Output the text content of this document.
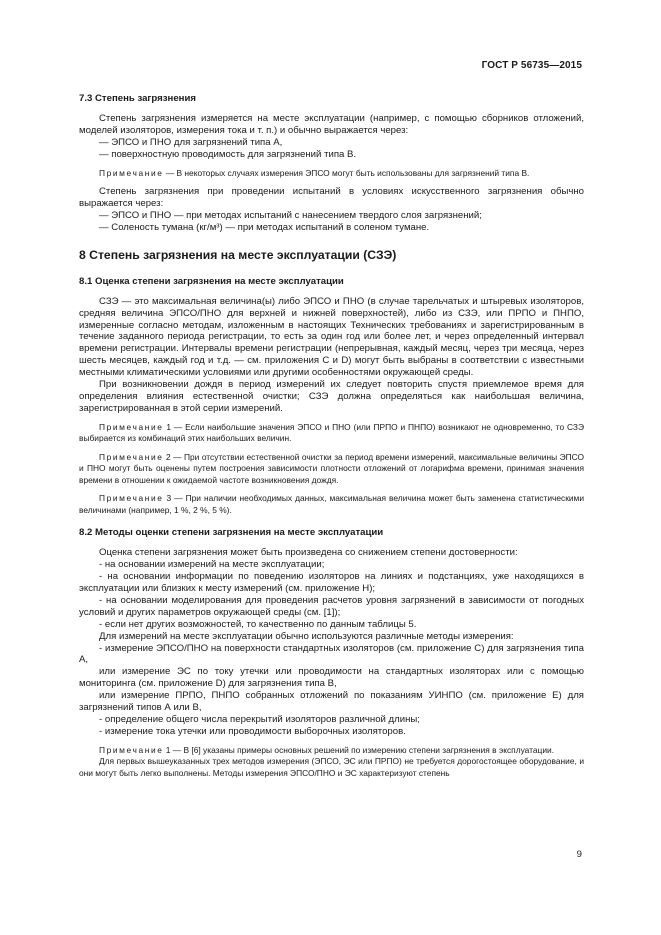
ГОСТ Р 56735—2015
7.3 Степень загрязнения

Степень загрязнения измеряется на месте эксплуатации (например, с помощью сборников отложений, моделей изоляторов, измерения тока и т. п.) и обычно выражается через:

— ЭПСО и ПНО для загрязнений типа А,

— поверхностную проводимость для загрязнений типа В.

Примечание — В некоторых случаях измерения ЭПСО могут быть использованы для загрязнений типа В.

Степень загрязнения при проведении испытаний в условиях искусственного загрязнения обычно выражается через:

— ЭПСО и ПНО — при методах испытаний с нанесением твердого слоя загрязнений;

— Соленость тумана (кг/м³) — при методах испытаний в соленом тумане.

8 Степень загрязнения на месте эксплуатации (СЗЭ)
8.1 Оценка степени загрязнения на месте эксплуатации

СЗЭ — это максимальная величина(ы) либо ЭПСО и ПНО (в случае тарельчатых и штыревых изоляторов, средняя величина ЭПСО/ПНО для верхней и нижней поверхностей), либо из СЗЭ, или ПРПО и ПНПО, измеренные согласно методам, изложенным в настоящих Технических требованиях и зарегистрированным в течение заданного периода регистрации, то есть за один год или более лет, и через определенный интервал времени регистрации. Интервалы времени регистрации (непрерывная, каждый месяц, через три месяца, через шесть месяцев, каждый год и т.д. — см. приложения С и D) могут быть выбраны в соответствии с известными местными климатическими условиями или другими особенностями окружающей среды.

При возникновении дождя в период измерений их следует повторить спустя приемлемое время для определения влияния естественной очистки; СЗЭ должна определяться как наибольшая величина, зарегистрированная в этой серии измерений.

Примечание 1 — Если наибольшие значения ЭПСО и ПНО (или ПРПО и ПНПО) возникают не одновременно, то СЗЭ выбирается из комбинаций этих наибольших величин.

Примечание 2 — При отсутствии естественной очистки за период времени измерений, максимальные величины ЭПСО и ПНО могут быть оценены путем построения зависимости плотности отложений от логарифма времени, принимая значения времени в отношении к ожидаемой частоте возникновения дождя.

Примечание 3 — При наличии необходимых данных, максимальная величина может быть заменена статистическими величинами (например, 1 %, 2 %, 5 %).

8.2 Методы оценки степени загрязнения на месте эксплуатации

Оценка степени загрязнения может быть произведена со снижением степени достоверности:

- на основании измерений на месте эксплуатации;

- на основании информации по поведению изоляторов на линиях и подстанциях, уже находящихся в эксплуатации или близких к месту измерений (см. приложение Н);

- на основании моделирования для проведения расчетов уровня загрязнений в зависимости от погодных условий и других параметров окружающей среды (см. [1]);

- если нет других возможностей, то качественно по данным таблицы 5.

Для измерений на месте эксплуатации обычно используются различные методы измерения:

- измерение ЭПСО/ПНО на поверхности стандартных изоляторов (см. приложение С) для загрязнения типа А,

или измерение ЭС по току утечки или проводимости на стандартных изоляторах или с помощью мониторинга (см. приложение D) для загрязнения типа В,

или измерение ПРПО, ПНПО собранных отложений по показаниям УИНПО (см. приложение Е) для загрязнений типов А или В,

- определение общего числа перекрытий изоляторов различной длины;

- измерение тока утечки или проводимости выборочных изоляторов.

Примечание 1 — В [6] указаны примеры основных решений по измерению степени загрязнения в эксплуатации.

Для первых вышеуказанных трех методов измерения (ЭПСО, ЭС или ПРПО) не требуется дорогостоящее оборудование, и они могут быть легко выполнены. Методы измерения ЭПСО/ПНО и ЭС характеризуют степень

9
